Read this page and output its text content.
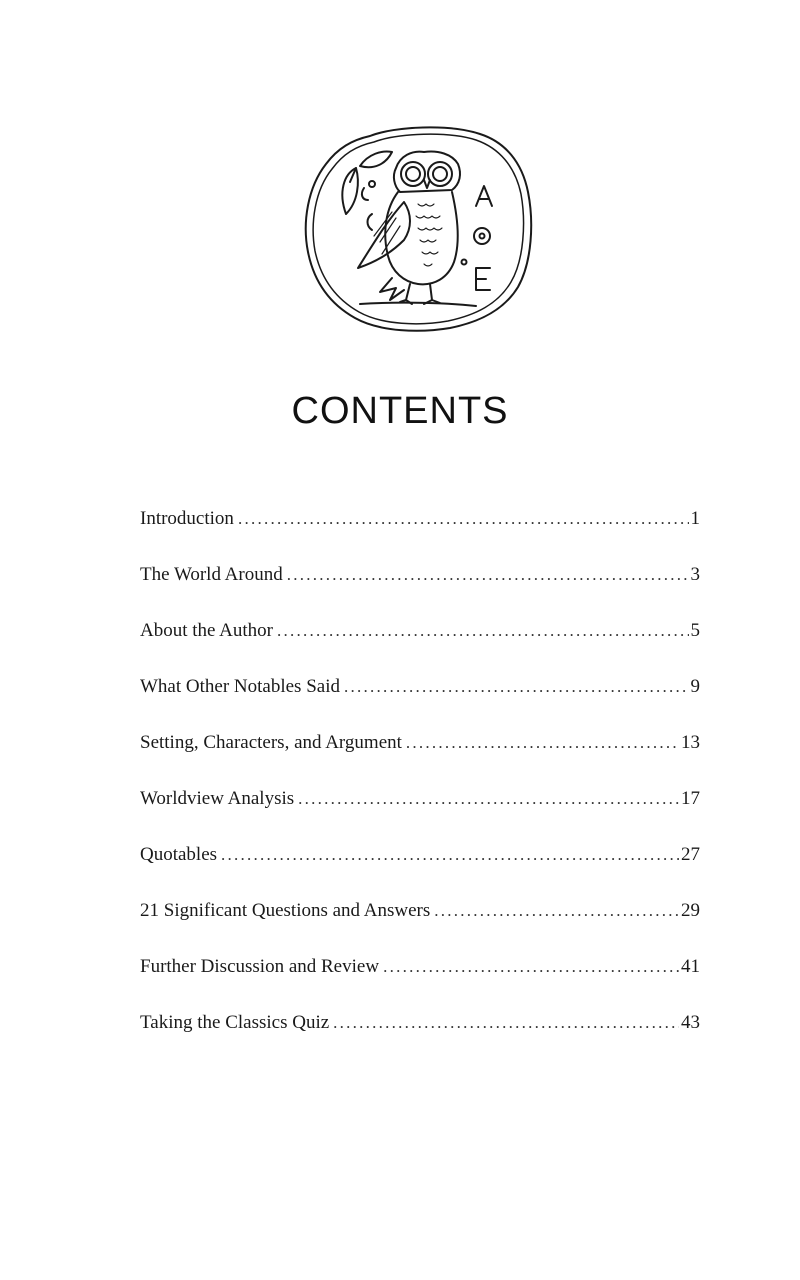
CONTENTS
Introduction . . .	1
The World Around . . .	3
About the Author . . .	5
What Other Notables Said . . .	9
Setting, Characters, and Argument . . .	13
Worldview Analysis . . .	17
Quotables . . .	27
21 Significant Questions and Answers . . .	29
Further Discussion and Review . . .	41
Taking the Classics Quiz . . .	43
